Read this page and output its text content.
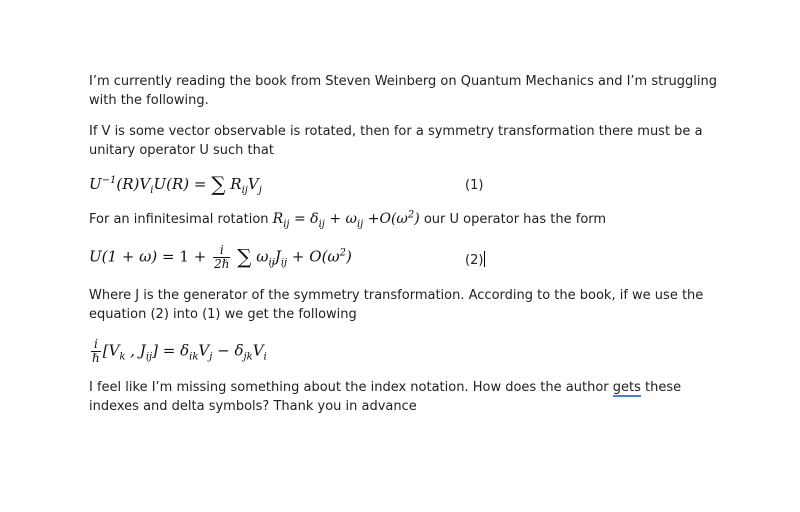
I’m currently reading the book from Steven Weinberg on Quantum Mechanics and I’m struggling with the following.
If V is some vector observable is rotated, then for a symmetry transformation there must be a unitary operator U such that
$U^{-1}(R)V_iU(R)$ = ∑ $R_{ij}V_j$	(1)
For an infinitesimal rotation $R_{ij} = \delta_{ij} + \omega_{ij} +O(\omega^2)$ our U operator has the form
$U(1 + \omega) = 1 + \frac{i}{\text{2ℏ}}$ ∑ $\omega_{ij}J_{ij} + O(\omega^2)$	(2)
Where J is the generator of the symmetry transformation. According to the book, if we use the equation (2) into (1) we get the following
$\frac{i}{\text{ℏ}} [V_k$ , $J_{ij}] = \delta_{ik}V_j - \delta_{jk}V_i$
I feel like I’m missing something about the index notation. How does the author gets these indexes and delta symbols? Thank you in advance
